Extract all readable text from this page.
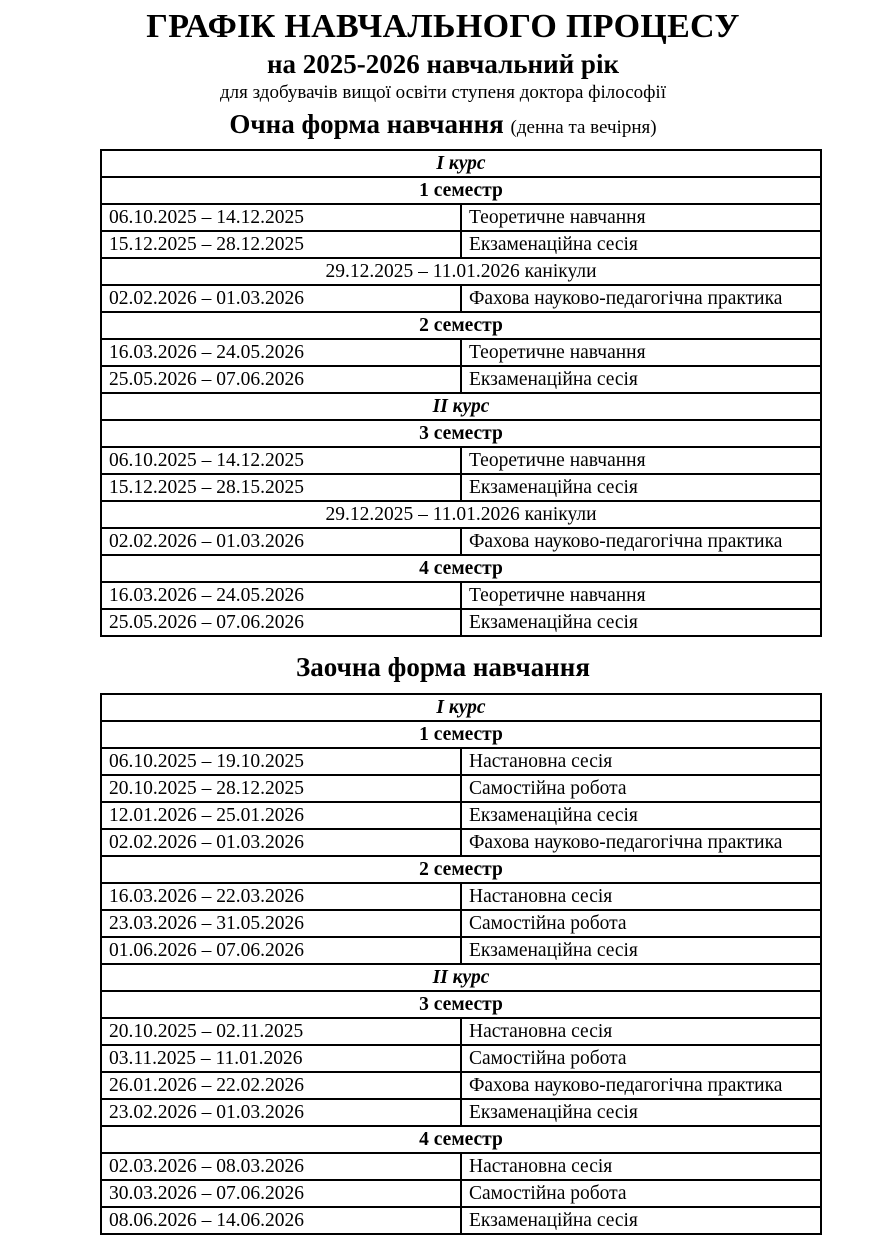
ГРАФІК НАВЧАЛЬНОГО ПРОЦЕСУ
на 2025-2026 навчальний рік
для здобувачів вищої освіти ступеня доктора філософії
Очна форма навчання (денна та вечірня)
І курс	
1 семестр	
06.10.2025 – 14.12.2025	Теоретичне навчання
15.12.2025 – 28.12.2025	Екзаменаційна сесія
29.12.2025 – 11.01.2026 канікули	
02.02.2026 – 01.03.2026	Фахова науково-педагогічна практика
2 семестр	
16.03.2026 – 24.05.2026	Теоретичне навчання
25.05.2026 – 07.06.2026	Екзаменаційна сесія
ІІ курс	
3 семестр	
06.10.2025 – 14.12.2025	Теоретичне навчання
15.12.2025 – 28.15.2025	Екзаменаційна сесія
29.12.2025 – 11.01.2026 канікули	
02.02.2026 – 01.03.2026	Фахова науково-педагогічна практика
4 семестр	
16.03.2026 – 24.05.2026	Теоретичне навчання
25.05.2026 – 07.06.2026	Екзаменаційна сесія
Заочна форма навчання
І курс	
1 семестр	
06.10.2025 – 19.10.2025	Настановна сесія
20.10.2025 – 28.12.2025	Самостійна робота
12.01.2026 – 25.01.2026	Екзаменаційна сесія
02.02.2026 – 01.03.2026	Фахова науково-педагогічна практика
2 семестр	
16.03.2026 – 22.03.2026	Настановна сесія
23.03.2026 – 31.05.2026	Самостійна робота
01.06.2026 – 07.06.2026	Екзаменаційна сесія
ІІ курс	
3 семестр	
20.10.2025 – 02.11.2025	Настановна сесія
03.11.2025 – 11.01.2026	Самостійна робота
26.01.2026 – 22.02.2026	Фахова науково-педагогічна практика
23.02.2026 – 01.03.2026	Екзаменаційна сесія
4 семестр	
02.03.2026 – 08.03.2026	Настановна сесія
30.03.2026 – 07.06.2026	Самостійна робота
08.06.2026 – 14.06.2026	Екзаменаційна сесія
